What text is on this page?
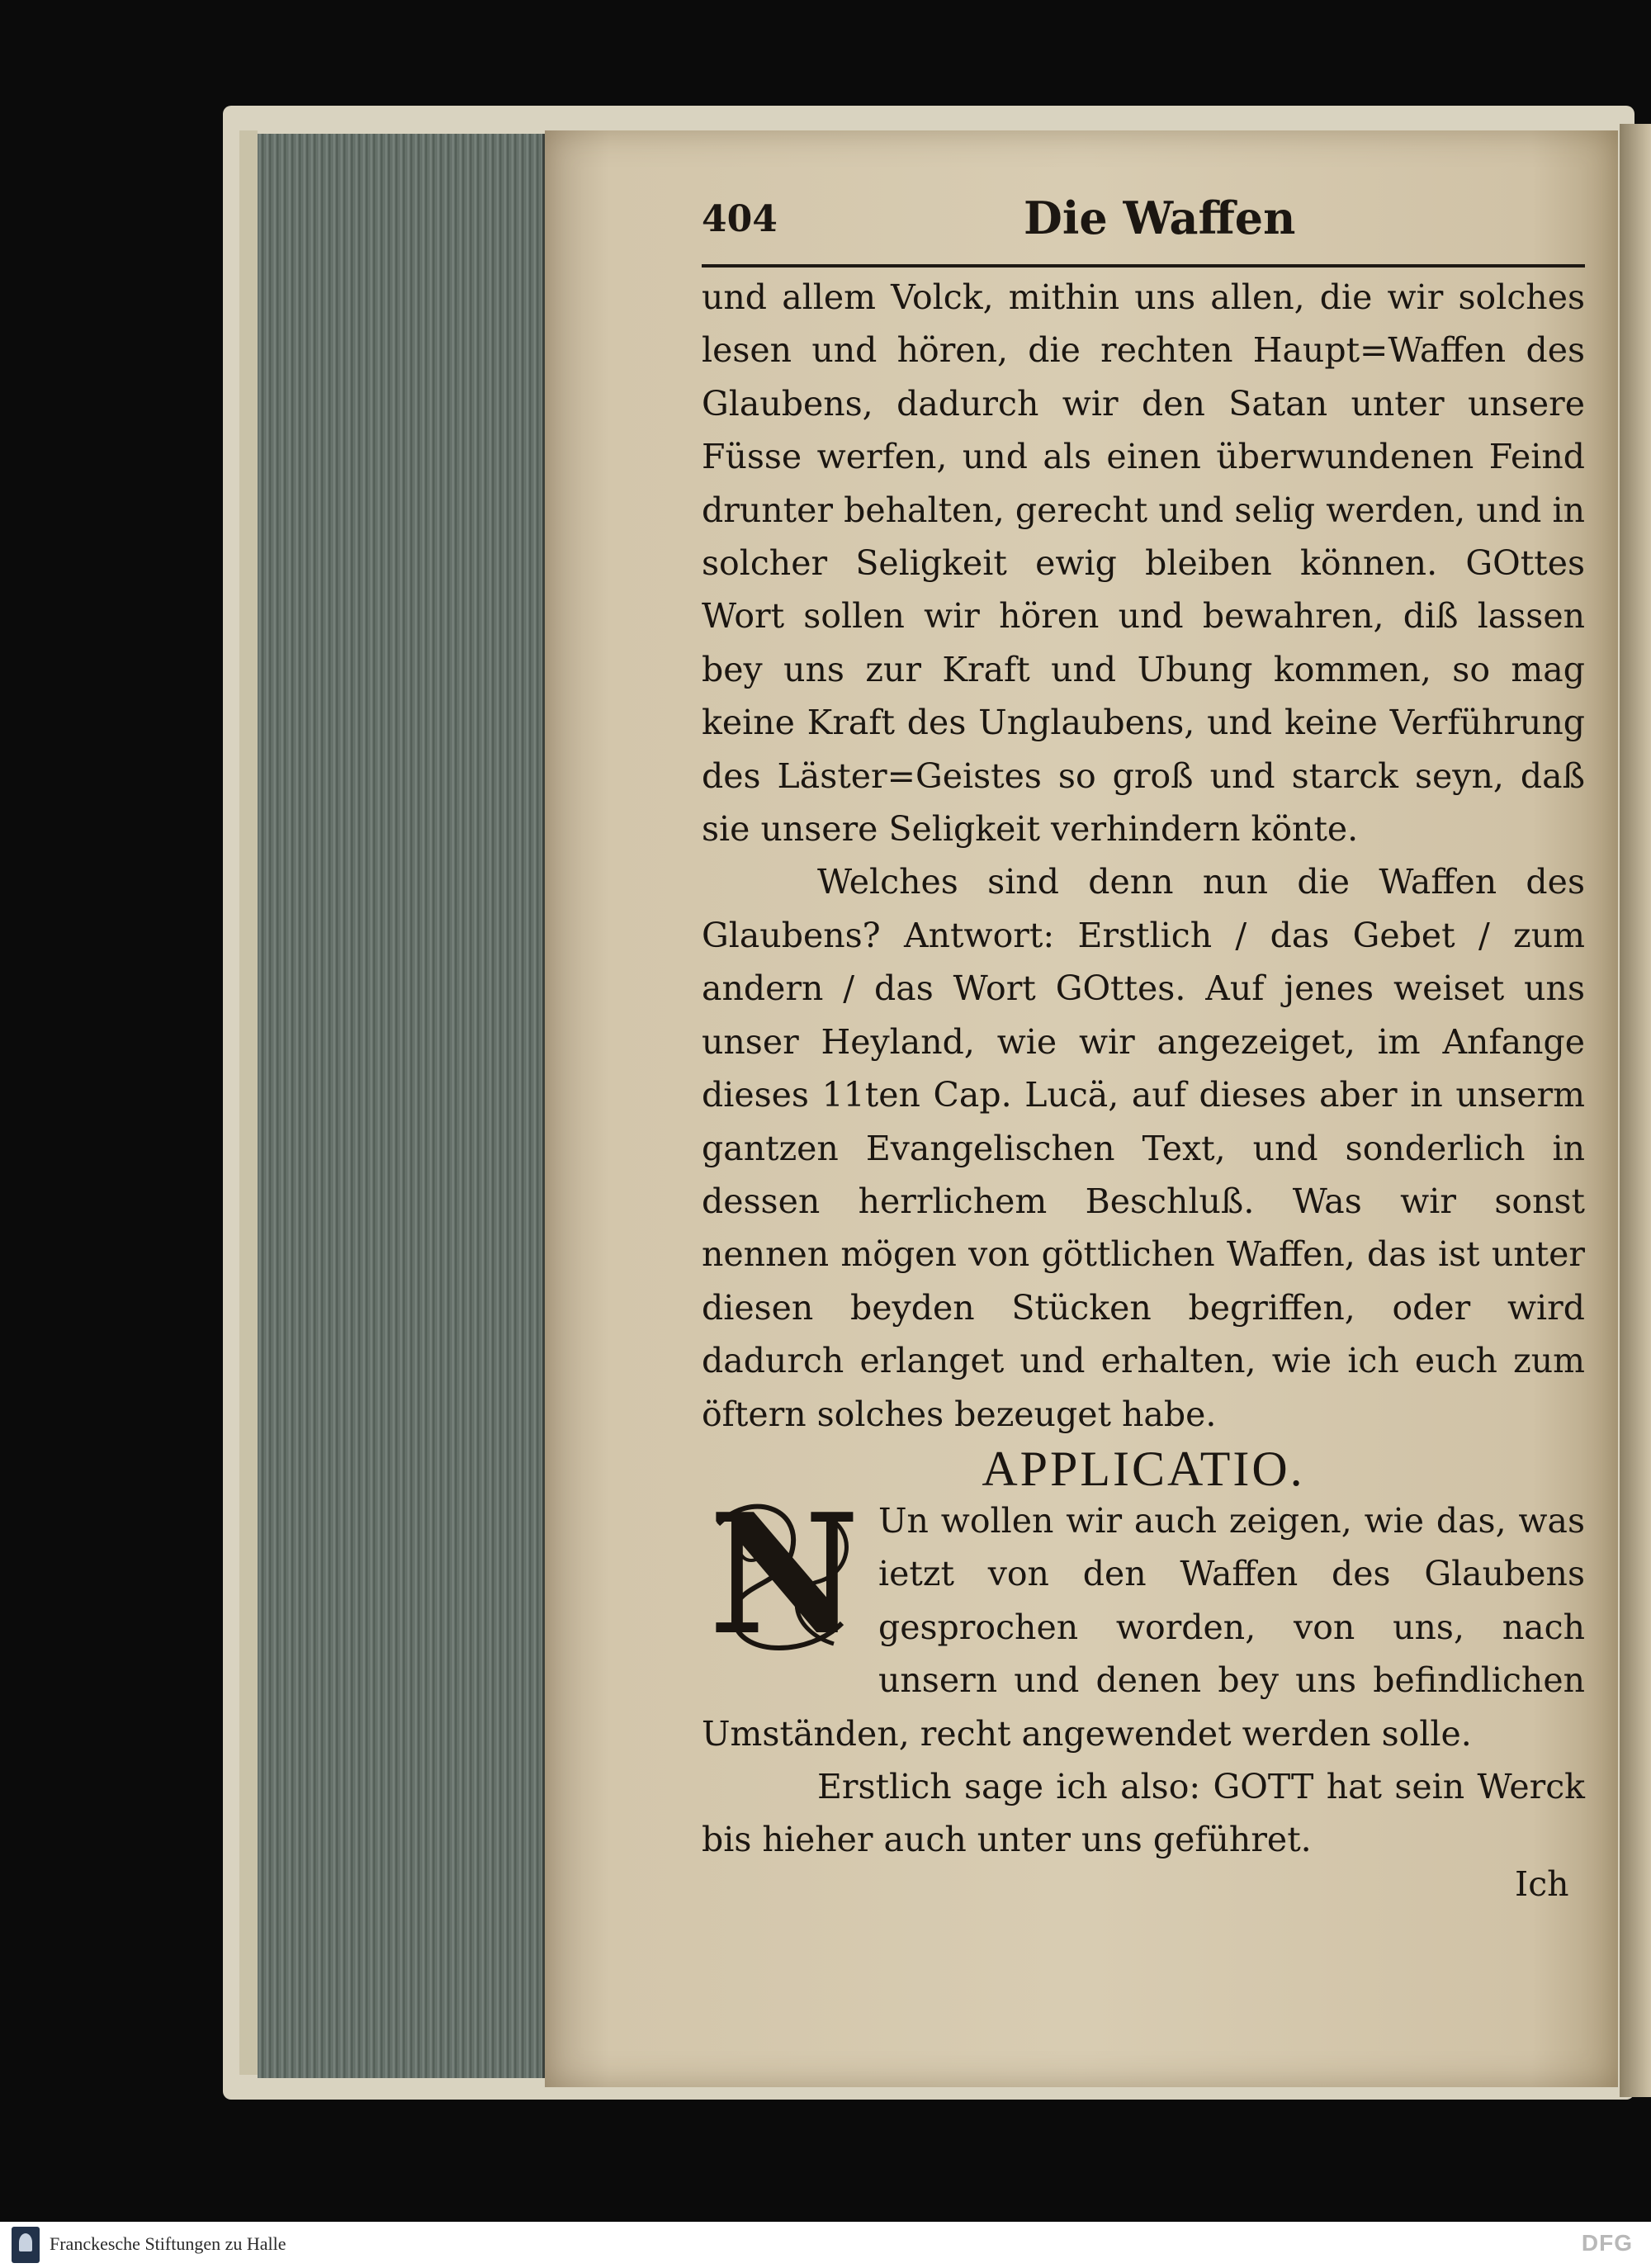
404	Die Waffen

und allem Volck, mithin uns allen, die wir solches lesen und hören, die rechten Haupt=Waffen des Glaubens, dadurch wir den Satan unter unsere Füsse werfen, und als einen überwundenen Feind drunter behalten, gerecht und selig werden, und in solcher Seligkeit ewig bleiben können. GOttes Wort sollen wir hören und bewahren, diß lassen bey uns zur Kraft und Ubung kommen, so mag keine Kraft des Unglaubens, und keine Verführung des Läster=Geistes so groß und starck seyn, daß sie unsere Seligkeit verhindern könte.

Welches sind denn nun die Waffen des Glaubens? Antwort: Erstlich / das Gebet / zum andern / das Wort GOttes. Auf jenes weiset uns unser Heyland, wie wir angezeiget, im Anfange dieses 11ten Cap. Lucä, auf dieses aber in unserm gantzen Evangelischen Text, und sonderlich in dessen herrlichem Beschluß. Was wir sonst nennen mögen von göttlichen Waffen, das ist unter diesen beyden Stücken begriffen, oder wird dadurch erlanget und erhalten, wie ich euch zum öftern solches bezeuget habe.

APPLICATIO.
N Un wollen wir auch zeigen, wie das, was ietzt von den Waffen des Glaubens gesprochen worden, von uns, nach unsern und denen bey uns befindlichen Umständen, recht angewendet werden solle.

Erstlich sage ich also: GOTT hat sein Werck bis hieher auch unter uns geführet.

Ich
Franckesche Stiftungen zu Halle	DFG
